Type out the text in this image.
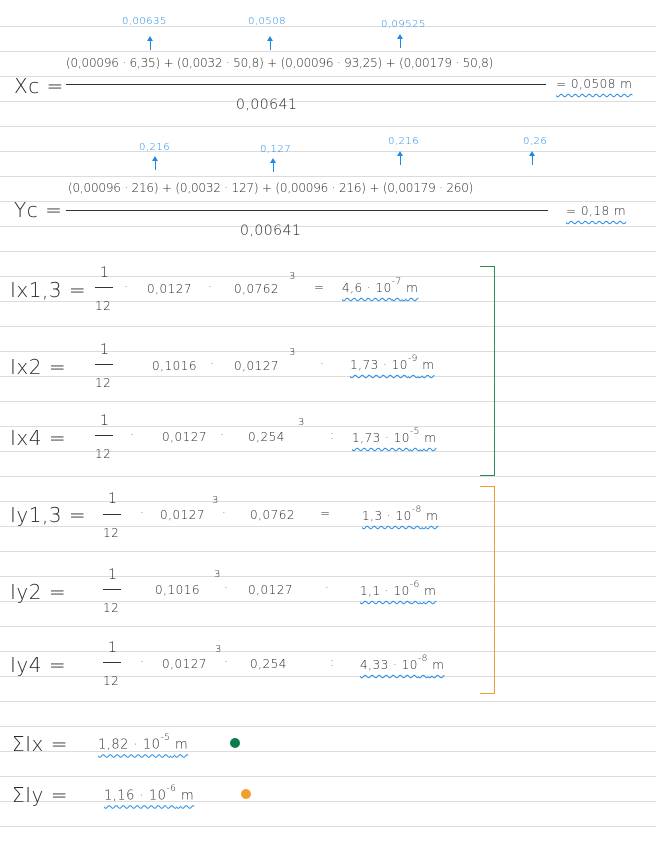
0,00635	0,0508	0,09525
Xc =
(0,00096 · 6,35) + (0,0032 · 50,8) + (0,00096 · 93,25) + (0,00179 · 50,8)
0,00641
= 0,0508 m
0,216	0,127
0,216	0,26
Yc =
(0,00096 · 216) + (0,0032 · 127) + (0,00096 · 216) + (0,00179 · 260)
0,00641
= 0,18 m
Ix1,3 =
1
12
· 0,0127 · 0,0762
3
= $4,6 \cdot 10^{-7}$ m
Ix2 =
1
12
0,1016 · 0,0127
3
· $1,73 \cdot 10^{-9}$ m
Ix4 =
1
12
· 0,0127 · 0,254
3
: $1,73 \cdot 10^{-5}$ m
Iy1,3 =
1
12
· 0,0127
3
· 0,0762 =	$1,3 \cdot 10^{-8}$ m
Iy2 =
1
12
0,1016
3
· 0,0127	·	$1,1 \cdot 10^{-6}$ m
Iy4 =
1
12
· 0,0127
3
· 0,254	: $4,33 \cdot 10^{-8}$ m
$\Sigma Ix = 1,82 \cdot 10^{-5}$ m
ΣIy =	$1,16 \cdot 10^{-6}$ m
